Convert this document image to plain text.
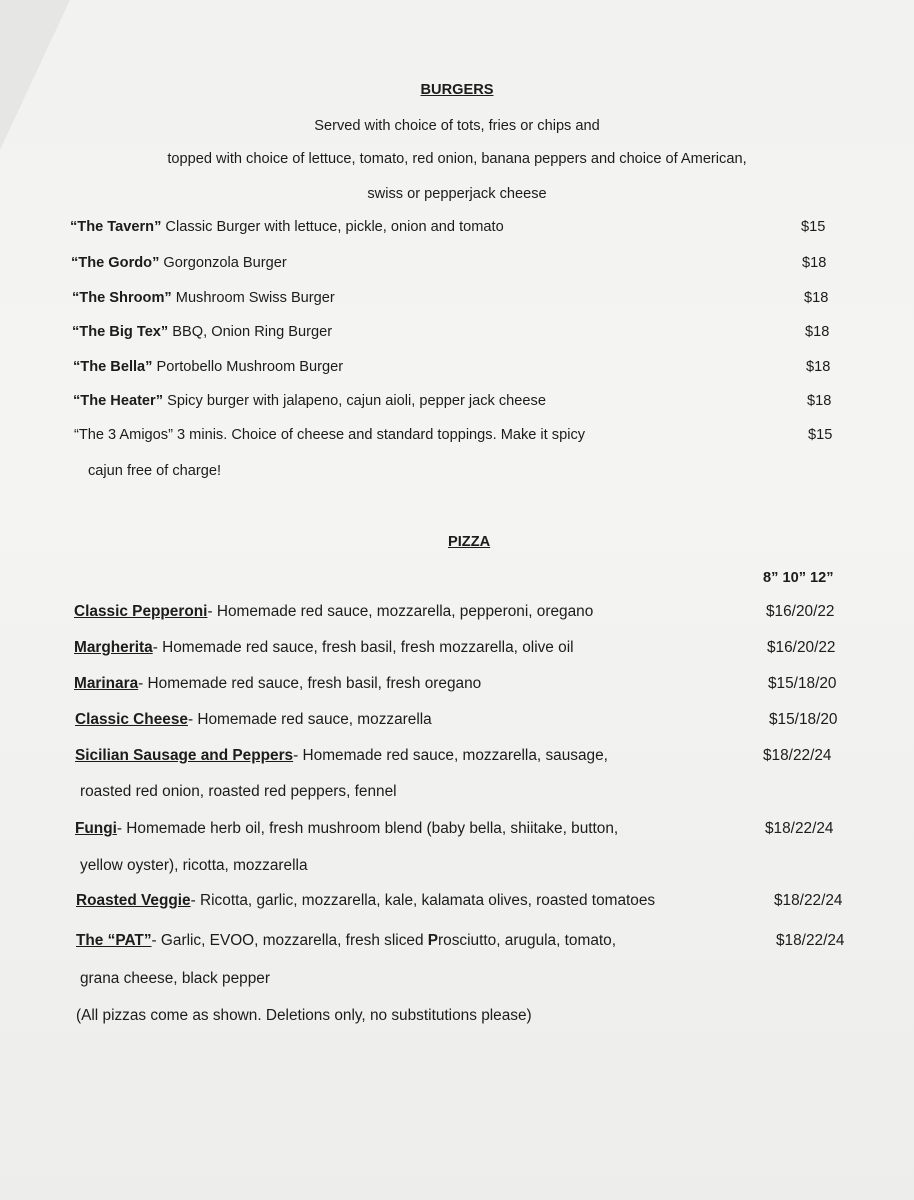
BURGERS
Served with choice of tots, fries or chips and
topped with choice of lettuce, tomato, red onion, banana peppers and choice of American,
swiss or pepperjack cheese
“The Tavern” Classic Burger with lettuce, pickle, onion and tomato	$15
“The Gordo” Gorgonzola Burger	$18
“The Shroom” Mushroom Swiss Burger	$18
“The Big Tex” BBQ, Onion Ring Burger	$18
“The Bella” Portobello Mushroom Burger	$18
“The Heater” Spicy burger with jalapeno, cajun aioli, pepper jack cheese	$18
“The 3 Amigos” 3 minis. Choice of cheese and standard toppings. Make it spicy	$15
cajun free of charge!
PIZZA
8” 10” 12”
Classic Pepperoni- Homemade red sauce, mozzarella, pepperoni, oregano	$16/20/22
Margherita- Homemade red sauce, fresh basil, fresh mozzarella, olive oil	$16/20/22
Marinara- Homemade red sauce, fresh basil, fresh oregano	$15/18/20
Classic Cheese- Homemade red sauce, mozzarella	$15/18/20
Sicilian Sausage and Peppers- Homemade red sauce, mozzarella, sausage,	$18/22/24
roasted red onion, roasted red peppers, fennel
Fungi- Homemade herb oil, fresh mushroom blend (baby bella, shiitake, button,	$18/22/24
yellow oyster), ricotta, mozzarella
Roasted Veggie- Ricotta, garlic, mozzarella, kale, kalamata olives, roasted tomatoes	$18/22/24
The “PAT”- Garlic, EVOO, mozzarella, fresh sliced Prosciutto, arugula, tomato,	$18/22/24
grana cheese, black pepper
(All pizzas come as shown. Deletions only, no substitutions please)
